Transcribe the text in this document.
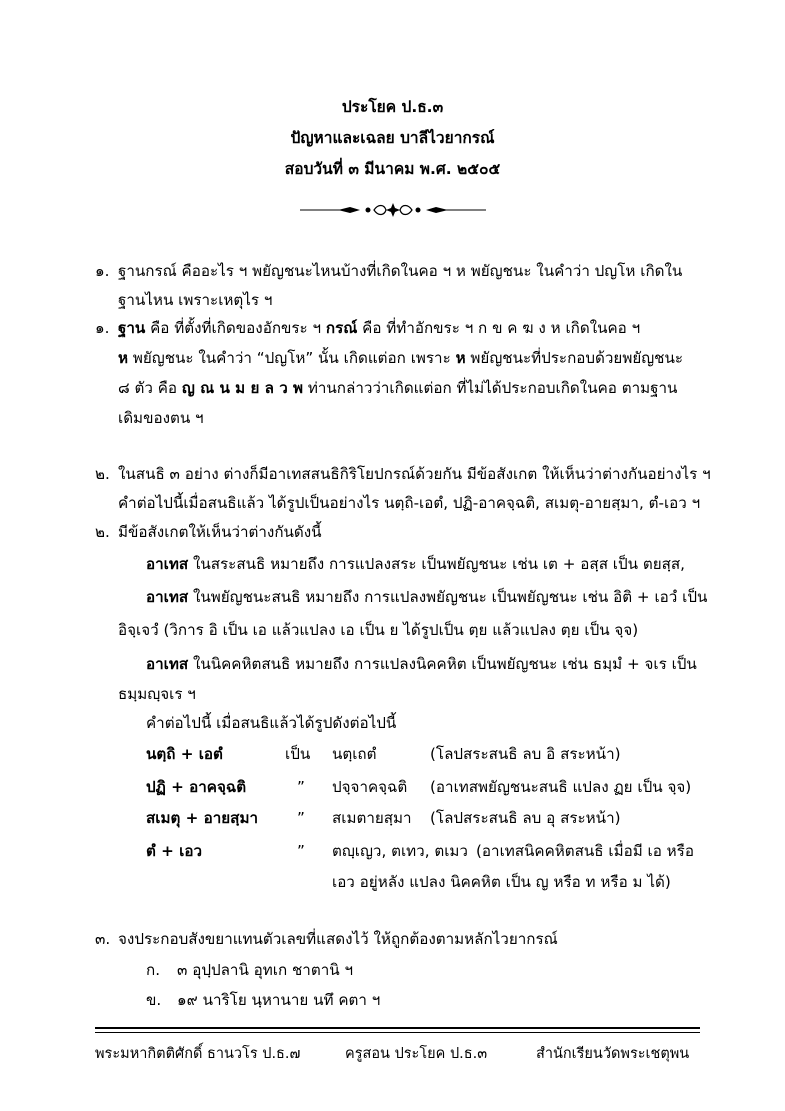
ประโยค ป.ธ.๓
ปัญหาและเฉลย บาลีไวยากรณ์
สอบวันที่ ๓ มีนาคม พ.ศ. ๒๕๐๕
๑. ฐานกรณ์ คืออะไร ฯ พยัญชนะไหนบ้างที่เกิดในคอ ฯ ห พยัญชนะ ในคำว่า ปญโห เกิดใน
ฐานไหน เพราะเหตุไร ฯ
๑. ฐาน คือ ที่ตั้งที่เกิดของอักขระ ฯ กรณ์ คือ ที่ทำอักขระ ฯ ก ข ค ฆ ง ห เกิดในคอ ฯ
ห พยัญชนะ ในคำว่า “ปญโห” นั้น เกิดแต่อก เพราะ ห พยัญชนะที่ประกอบด้วยพยัญชนะ
๘ ตัว คือ ญ ณ น ม ย ล ว พ ท่านกล่าวว่าเกิดแต่อก ที่ไม่ได้ประกอบเกิดในคอ ตามฐาน
เดิมของตน ฯ
๒. ในสนธิ ๓ อย่าง ต่างก็มีอาเทสสนธิกิริโยปกรณ์ด้วยกัน มีข้อสังเกต ให้เห็นว่าต่างกันอย่างไร ฯ
คำต่อไปนี้เมื่อสนธิแล้ว ได้รูปเป็นอย่างไร นตฺถิ-เอตํ, ปฏิ-อาคจฺฉติ, สเมตุ-อายสฺมา, ตํ-เอว ฯ
๒. มีข้อสังเกตให้เห็นว่าต่างกันดังนี้
อาเทส ในสระสนธิ หมายถึง การแปลงสระ เป็นพยัญชนะ เช่น เต + อสฺส เป็น ตยสฺส,
อาเทส ในพยัญชนะสนธิ หมายถึง การแปลงพยัญชนะ เป็นพยัญชนะ เช่น อิติ + เอวํ เป็น
อิจฺเจวํ (วิการ อิ เป็น เอ แล้วแปลง เอ เป็น ย ได้รูปเป็น ตฺย แล้วแปลง ตฺย เป็น จฺจ)
อาเทส ในนิคคหิตสนธิ หมายถึง การแปลงนิคคหิต เป็นพยัญชนะ เช่น ธมฺมํ + จเร เป็น
ธมฺมญฺจเร ฯ
คำต่อไปนี้ เมื่อสนธิแล้วได้รูปดังต่อไปนี้
นตฺถิ + เอตํ	เป็น นตฺเถตํ	(โลปสระสนธิ ลบ อิ สระหน้า)
ปฏิ + อาคจฺฉติ	” ปจฺจาคจฺฉติ (อาเทสพยัญชนะสนธิ แปลง ฏย เป็น จฺจ)
สเมตุ + อายสฺมา	” สเมตายสฺมา (โลปสระสนธิ ลบ อุ สระหน้า)
ตํ + เอว	” ตญฺเญว, ตเทว, ตเมว (อาเทสนิคคหิตสนธิ เมื่อมี เอ หรือ
เอว อยู่หลัง แปลง นิคคหิต เป็น ญ หรือ ท หรือ ม ได้)
๓. จงประกอบสังขยาแทนตัวเลขที่แสดงไว้ ให้ถูกต้องตามหลักไวยากรณ์
ก. ๓ อุปฺปลานิ อุทเก ชาตานิ ฯ
ข. ๑๙ นาริโย นฺหานาย นทึ คตา ฯ
พระมหากิตติศักดิ์ ธานวโร ป.ธ.๗	ครูสอน ประโยค ป.ธ.๓	สำนักเรียนวัดพระเชตุพน
